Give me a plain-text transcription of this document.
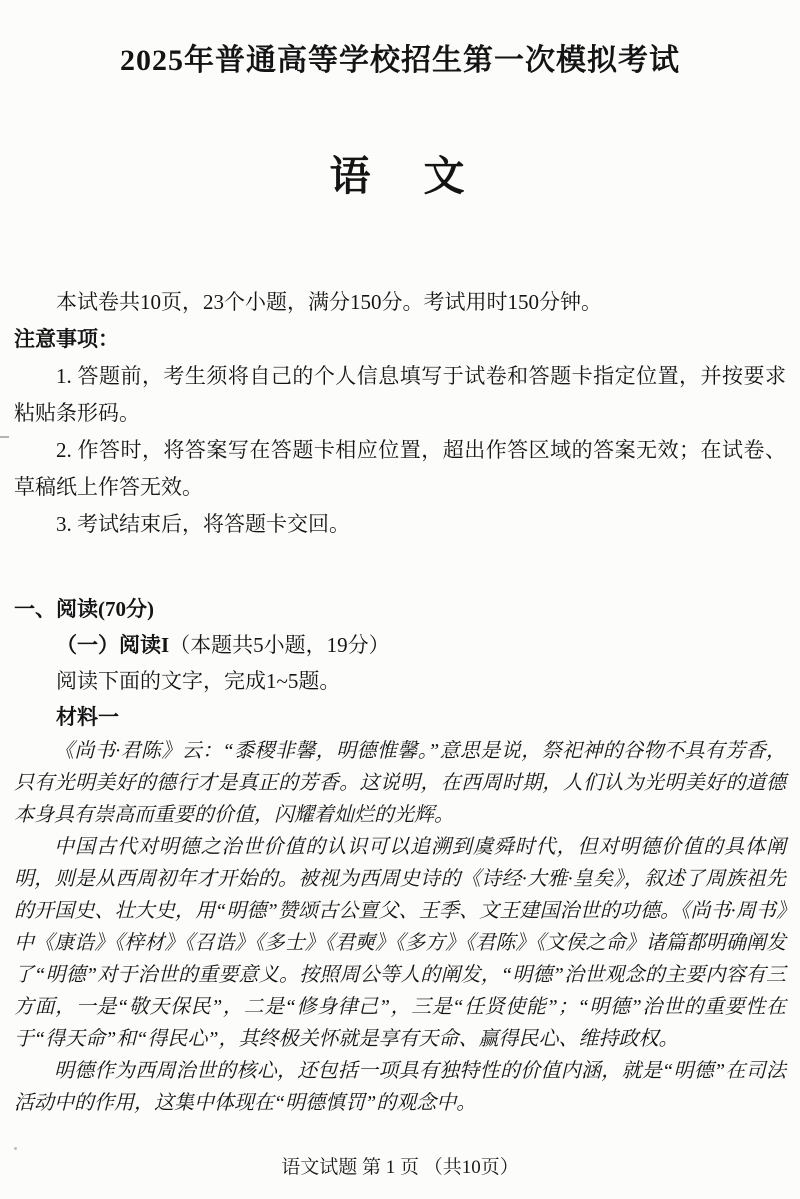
2025年普通高等学校招生第一次模拟考试
语　文

本试卷共10页，23个小题，满分150分。考试用时150分钟。

注意事项：

1. 答题前，考生须将自己的个人信息填写于试卷和答题卡指定位置，并按要求粘贴条形码。

2. 作答时，将答案写在答题卡相应位置，超出作答区域的答案无效；在试卷、草稿纸上作答无效。

3. 考试结束后，将答题卡交回。

一、阅读(70分)

（一）阅读I（本题共5小题，19分）

阅读下面的文字，完成1~5题。

材料一

《尚书·君陈》云：“黍稷非馨，明德惟馨。”意思是说，祭祀神的谷物不具有芳香，只有光明美好的德行才是真正的芳香。这说明，在西周时期，人们认为光明美好的道德本身具有崇高而重要的价值，闪耀着灿烂的光辉。

中国古代对明德之治世价值的认识可以追溯到虞舜时代，但对明德价值的具体阐明，则是从西周初年才开始的。被视为西周史诗的《诗经·大雅·皇矣》，叙述了周族祖先的开国史、壮大史，用“明德”赞颂古公亶父、王季、文王建国治世的功德。《尚书·周书》中《康诰》《梓材》《召诰》《多士》《君奭》《多方》《君陈》《文侯之命》诸篇都明确阐发了“明德”对于治世的重要意义。按照周公等人的阐发，“明德”治世观念的主要内容有三方面，一是“敬天保民”，二是“修身律己”，三是“任贤使能”；“明德”治世的重要性在于“得天命”和“得民心”，其终极关怀就是享有天命、赢得民心、维持政权。

明德作为西周治世的核心，还包括一项具有独特性的价值内涵，就是“明德”在司法活动中的作用，这集中体现在“明德慎罚”的观念中。

语文试题 第 1 页 （共10页）
